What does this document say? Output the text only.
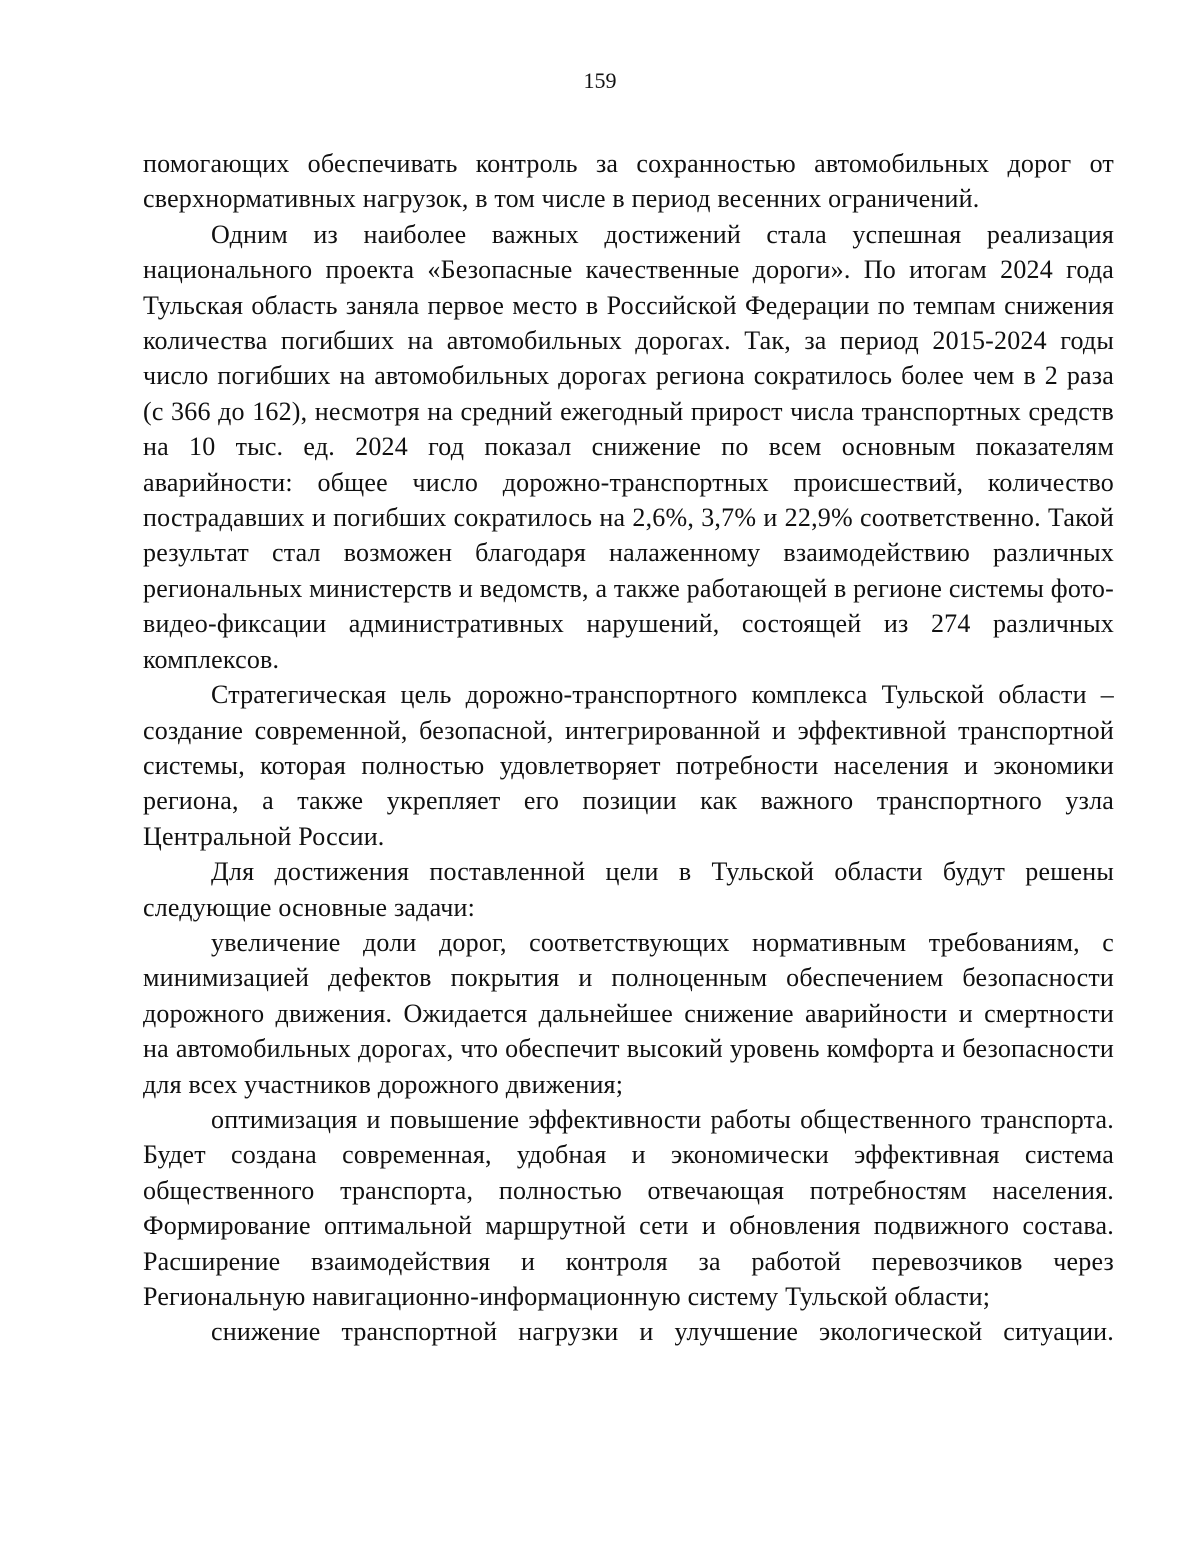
159

помогающих обеспечивать контроль за сохранностью автомобильных дорог от сверхнормативных нагрузок, в том числе в период весенних ограничений.

Одним из наиболее важных достижений стала успешная реализация национального проекта «Безопасные качественные дороги». По итогам 2024 года Тульская область заняла первое место в Российской Федерации по темпам снижения количества погибших на автомобильных дорогах. Так, за период 2015-2024 годы число погибших на автомобильных дорогах региона сократилось более чем в 2 раза (с 366 до 162), несмотря на средний ежегодный прирост числа транспортных средств на 10 тыс. ед. 2024 год показал снижение по всем основным показателям аварийности: общее число дорожно-транспортных происшествий, количество пострадавших и погибших сократилось на 2,6%, 3,7% и 22,9% соответственно. Такой результат стал возможен благодаря налаженному взаимодействию различных региональных министерств и ведомств, а также работающей в регионе системы фото-видео-фиксации административных нарушений, состоящей из 274 различных комплексов.

Стратегическая цель дорожно-транспортного комплекса Тульской области – создание современной, безопасной, интегрированной и эффективной транспортной системы, которая полностью удовлетворяет потребности населения и экономики региона, а также укрепляет его позиции как важного транспортного узла Центральной России.

Для достижения поставленной цели в Тульской области будут решены следующие основные задачи:

увеличение доли дорог, соответствующих нормативным требованиям, с минимизацией дефектов покрытия и полноценным обеспечением безопасности дорожного движения. Ожидается дальнейшее снижение аварийности и смертности на автомобильных дорогах, что обеспечит высокий уровень комфорта и безопасности для всех участников дорожного движения;

оптимизация и повышение эффективности работы общественного транспорта. Будет создана современная, удобная и экономически эффективная система общественного транспорта, полностью отвечающая потребностям населения. Формирование оптимальной маршрутной сети и обновления подвижного состава. Расширение взаимодействия и контроля за работой перевозчиков через Региональную навигационно-информационную систему Тульской области;

снижение транспортной нагрузки и улучшение экологической ситуации.
